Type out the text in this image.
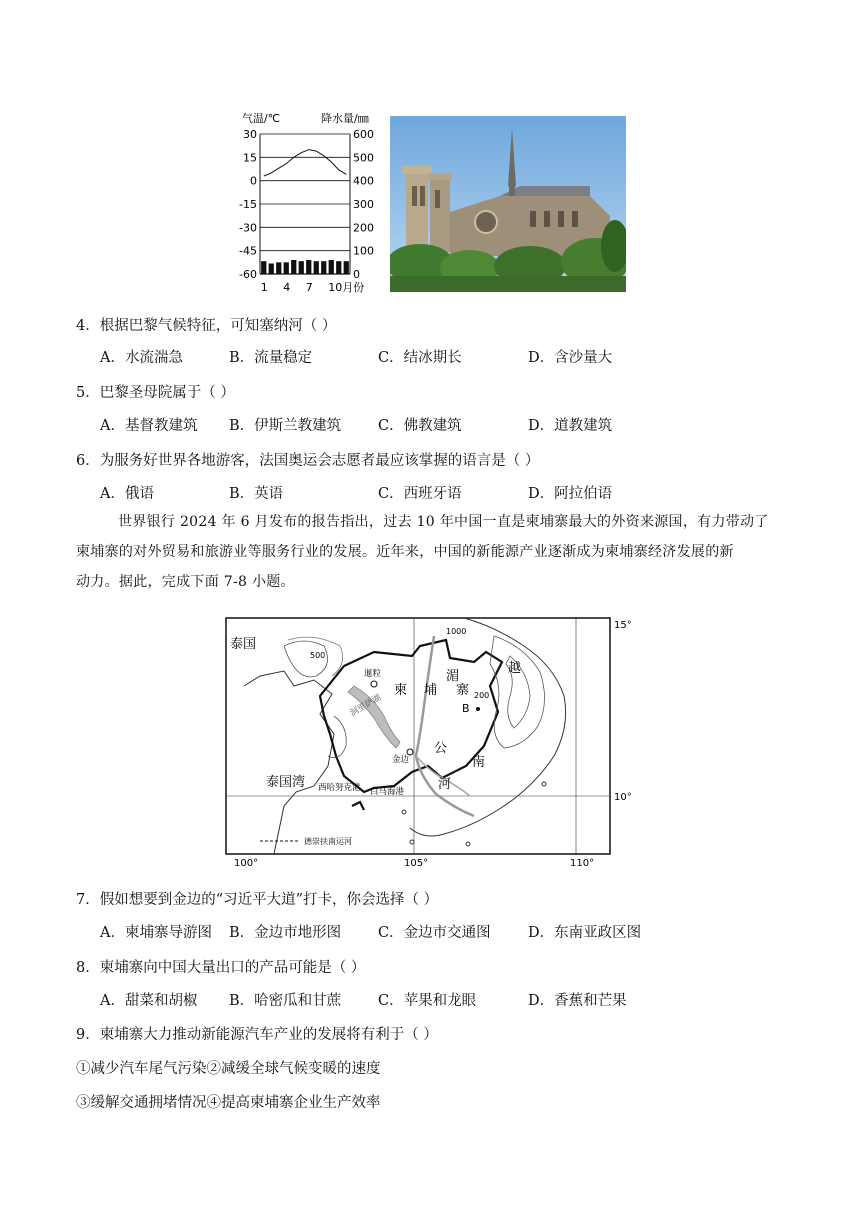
气温/℃	降水量/㎜
30
15
0
-15
-30
-45
-60
600
500
400
300
200
100
0
1 4 7 10月份
4．根据巴黎气候特征，可知塞纳河（ ）
A．水流湍急	B．流量稳定	C．结冰期长	D．含沙量大
5．巴黎圣母院属于（ ）
A．基督教建筑 B．伊斯兰教建筑	C．佛教建筑	D．道教建筑
6．为服务好世界各地游客，法国奥运会志愿者最应该掌握的语言是（ ）
A．俄语	B．英语	C．西班牙语	D．阿拉伯语
世界银行 2024 年 6 月发布的报告指出，过去 10 年中国一直是柬埔寨最大的外资来源国，有力带动了
柬埔寨的对外贸易和旅游业等服务行业的发展。近年来，中国的新能源产业逐渐成为柬埔寨经济发展的新
动力。据此，完成下面 7-8 小题。
泰国
泰国湾
柬 埔 寨
湄
公
河
越
南
暹粒
洞里萨湖
金边
西哈努克港 白马海港
B
500
1000
200
德崇扶南运河
15°
10°
100°	105°	110°
7．假如想要到金边的“习近平大道”打卡，你会选择（ ）
A．柬埔寨导游图 B．金边市地形图	C．金边市交通图	D．东南亚政区图
8．柬埔寨向中国大量出口的产品可能是（ ）
A．甜菜和胡椒 B．哈密瓜和甘蔗	C．苹果和龙眼	D．香蕉和芒果
9．柬埔寨大力推动新能源汽车产业的发展将有利于（ ）
①减少汽车尾气污染②减缓全球气候变暖的速度
③缓解交通拥堵情况④提高柬埔寨企业生产效率
